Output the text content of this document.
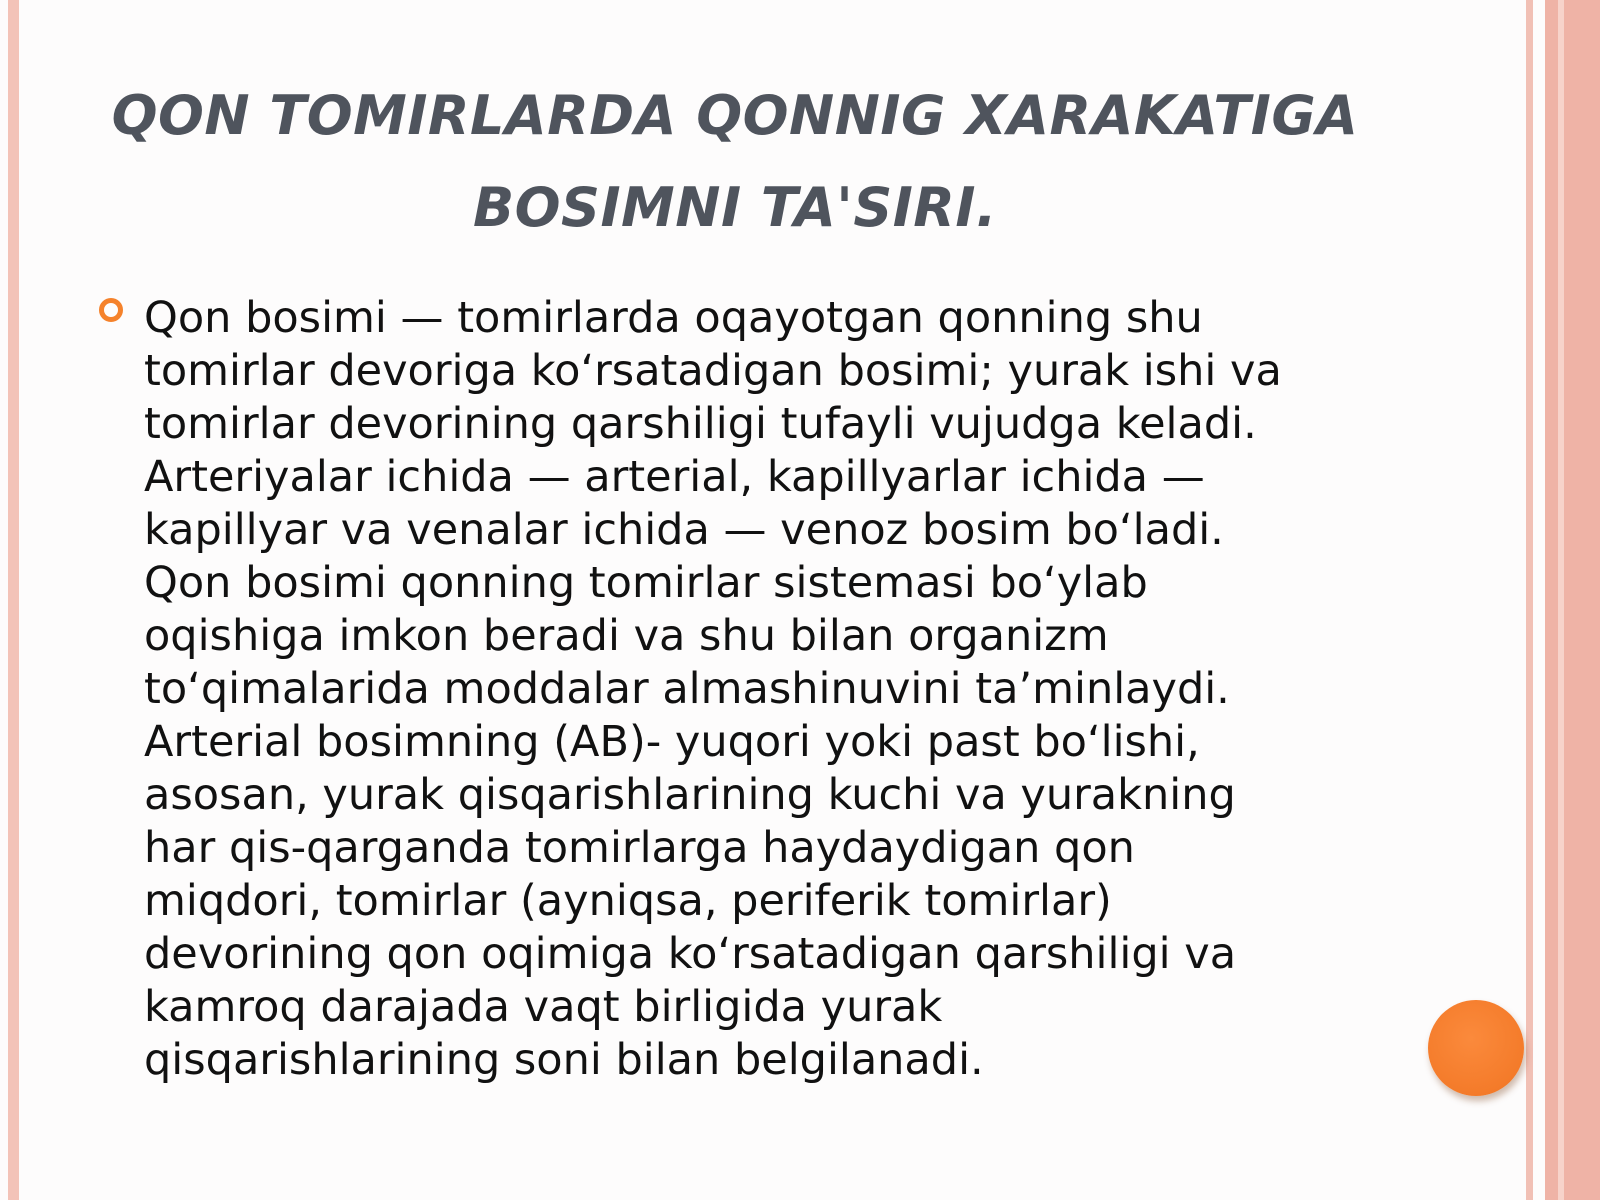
QON TOMIRLARDA QONNIG XARAKATIGA BOSIMNI TA'SIRI.

Qon bosimi — tomirlarda oqayotgan qonning shu
tomirlar devoriga ko‘rsatadigan bosimi; yurak ishi va
tomirlar devorining qarshiligi tufayli vujudga keladi.
Arteriyalar ichida — arterial, kapillyarlar ichida —
kapillyar va venalar ichida — venoz bosim bo‘ladi.
Qon bosimi qonning tomirlar sistemasi bo‘ylab
oqishiga imkon beradi va shu bilan organizm
to‘qimalarida moddalar almashinuvini ta’minlaydi.
Arterial bosimning (AB)- yuqori yoki past bo‘lishi,
asosan, yurak qisqarishlarining kuchi va yurakning
har qis-qarganda tomirlarga haydaydigan qon
miqdori, tomirlar (ayniqsa, periferik tomirlar)
devorining qon oqimiga ko‘rsatadigan qarshiligi va
kamroq darajada vaqt birligida yurak
qisqarishlarining soni bilan belgilanadi.
